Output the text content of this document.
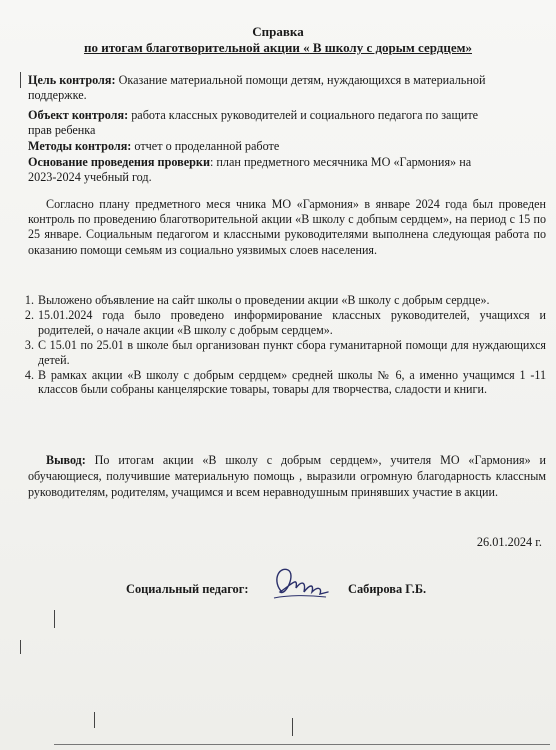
Справка
по итогам благотворительной акции « В школу с дорым сердцем»
Цель контроля: Оказание материальной помощи детям, нуждающихся в материальной
поддержке.
Объект контроля: работа классных руководителей и социального педагога по защите
прав ребенка
Методы контроля: отчет о проделанной работе
Основание проведения проверки: план предметного месячника МО «Гармония» на
2023-2024 учебный год.
Согласно плану предметного меся чника МО «Гармония» в январе 2024 года был проведен контроль по проведению благотворительной акции «В школу с добпым сердцем», на период с 15 по 25 январе. Социальным педагогом и классными руководителями выполнена следующая работа по оказанию помощи семьям из социально уязвимых слоев населения.
1. Выложено объявление на сайт школы о проведении акции «В школу с добрым сердце».
2. 15.01.2024 года было проведено информирование классных руководителей, учащихся и родителей, о начале акции «В школу с добрым сердцем».
3. С 15.01 по 25.01 в школе был организован пункт сбора гуманитарной помощи для нуждающихся детей.
4. В рамках акции «В школу с добрым сердцем» средней школы № 6, а именно учащимся 1 -11 классов были собраны канцелярские товары, товары для творчества, сладости и книги.
Вывод: По итогам акции «В школу с добрым сердцем», учителя МО «Гармония» и обучающиеся, получившие материальную помощь , выразили огромную благодарность классным руководителям, родителям, учащимся и всем неравнодушным принявших участие в акции.
26.01.2024 г.
Социальный педагог:	Сабирова Г.Б.
